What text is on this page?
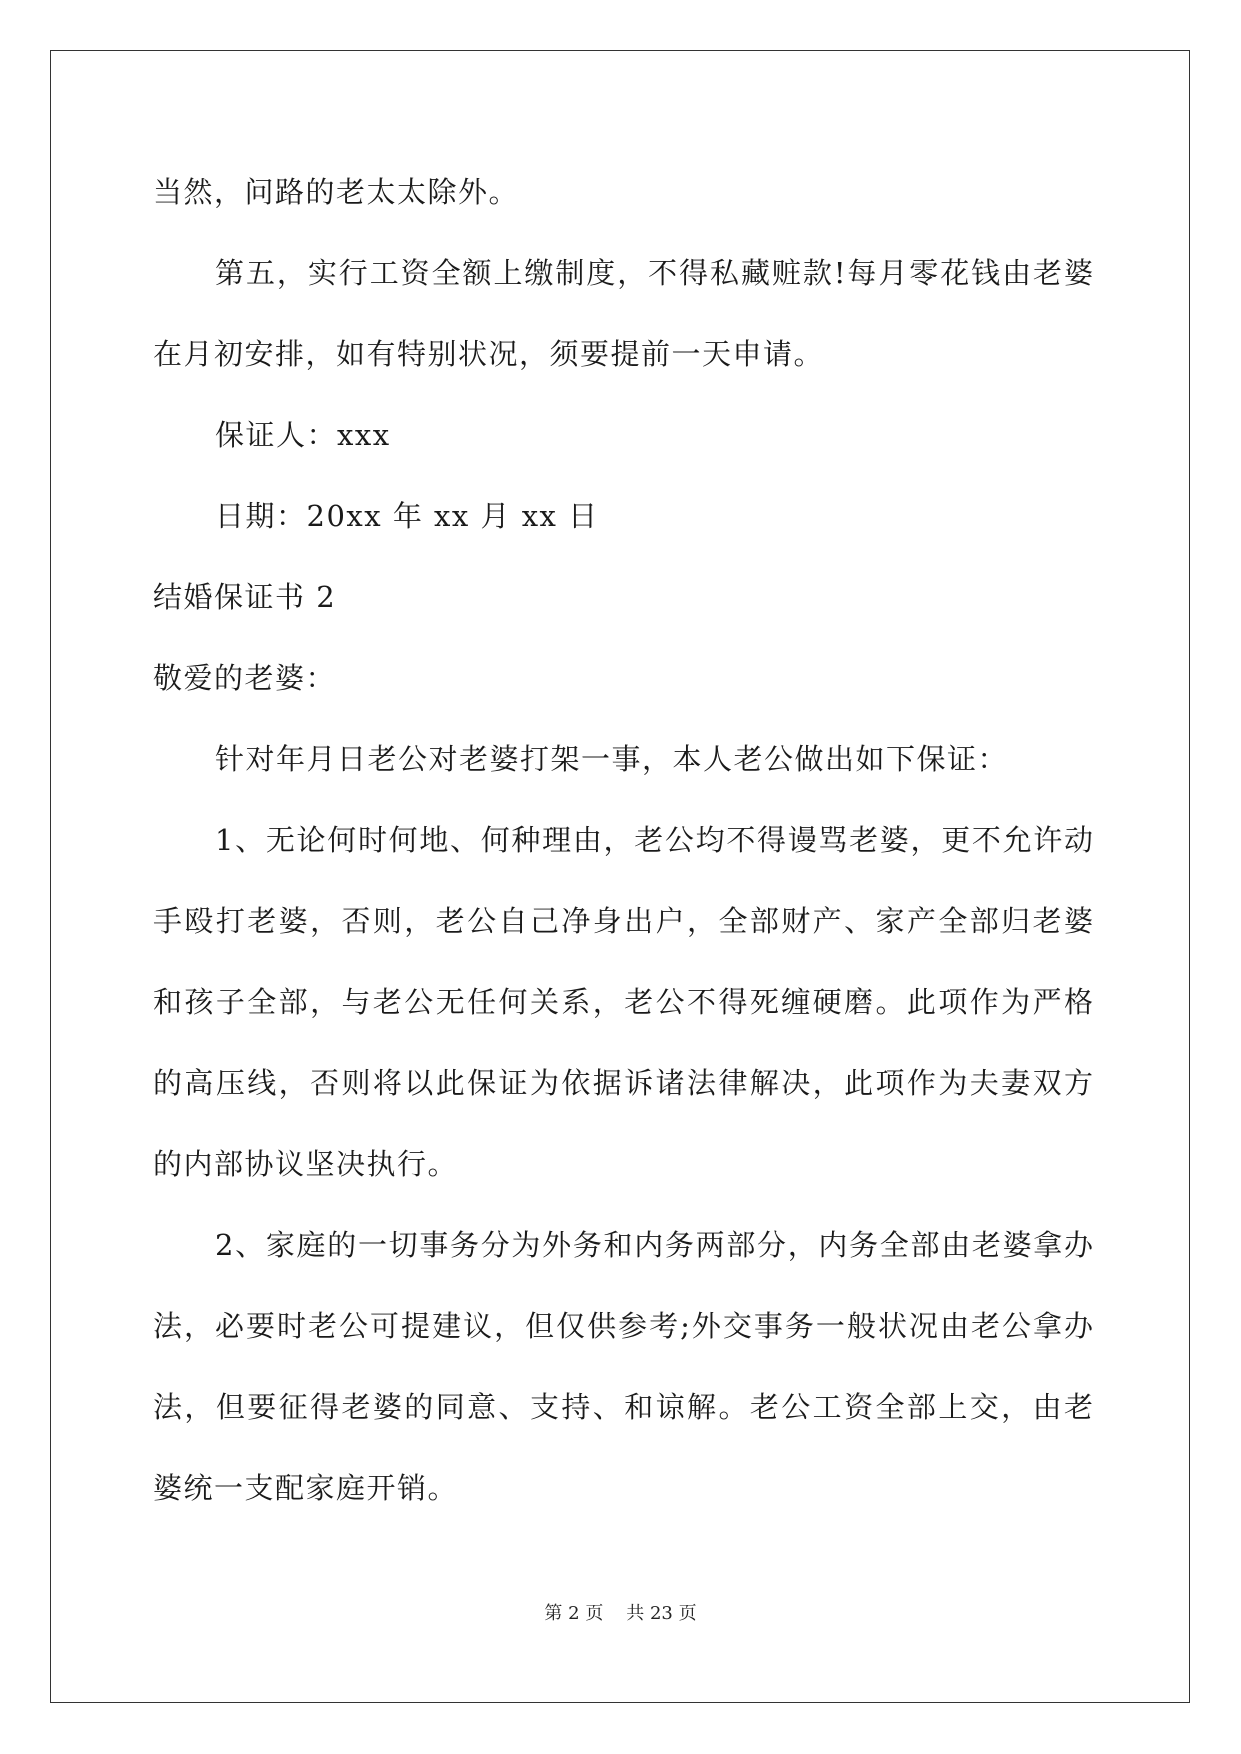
当然，问路的老太太除外。
第五，实行工资全额上缴制度，不得私藏赃款!每月零花钱由老婆
在月初安排，如有特别状况，须要提前一天申请。
保证人：xxx
日期：20xx 年 xx 月 xx 日
结婚保证书 2
敬爱的老婆：
针对年月日老公对老婆打架一事，本人老公做出如下保证：
1、无论何时何地、何种理由，老公均不得谩骂老婆，更不允许动
手殴打老婆，否则，老公自己净身出户，全部财产、家产全部归老婆
和孩子全部，与老公无任何关系，老公不得死缠硬磨。此项作为严格
的高压线，否则将以此保证为依据诉诸法律解决，此项作为夫妻双方
的内部协议坚决执行。
2、家庭的一切事务分为外务和内务两部分，内务全部由老婆拿办
法，必要时老公可提建议，但仅供参考;外交事务一般状况由老公拿办
法，但要征得老婆的同意、支持、和谅解。老公工资全部上交，由老
婆统一支配家庭开销。
第 2 页 共 23 页
